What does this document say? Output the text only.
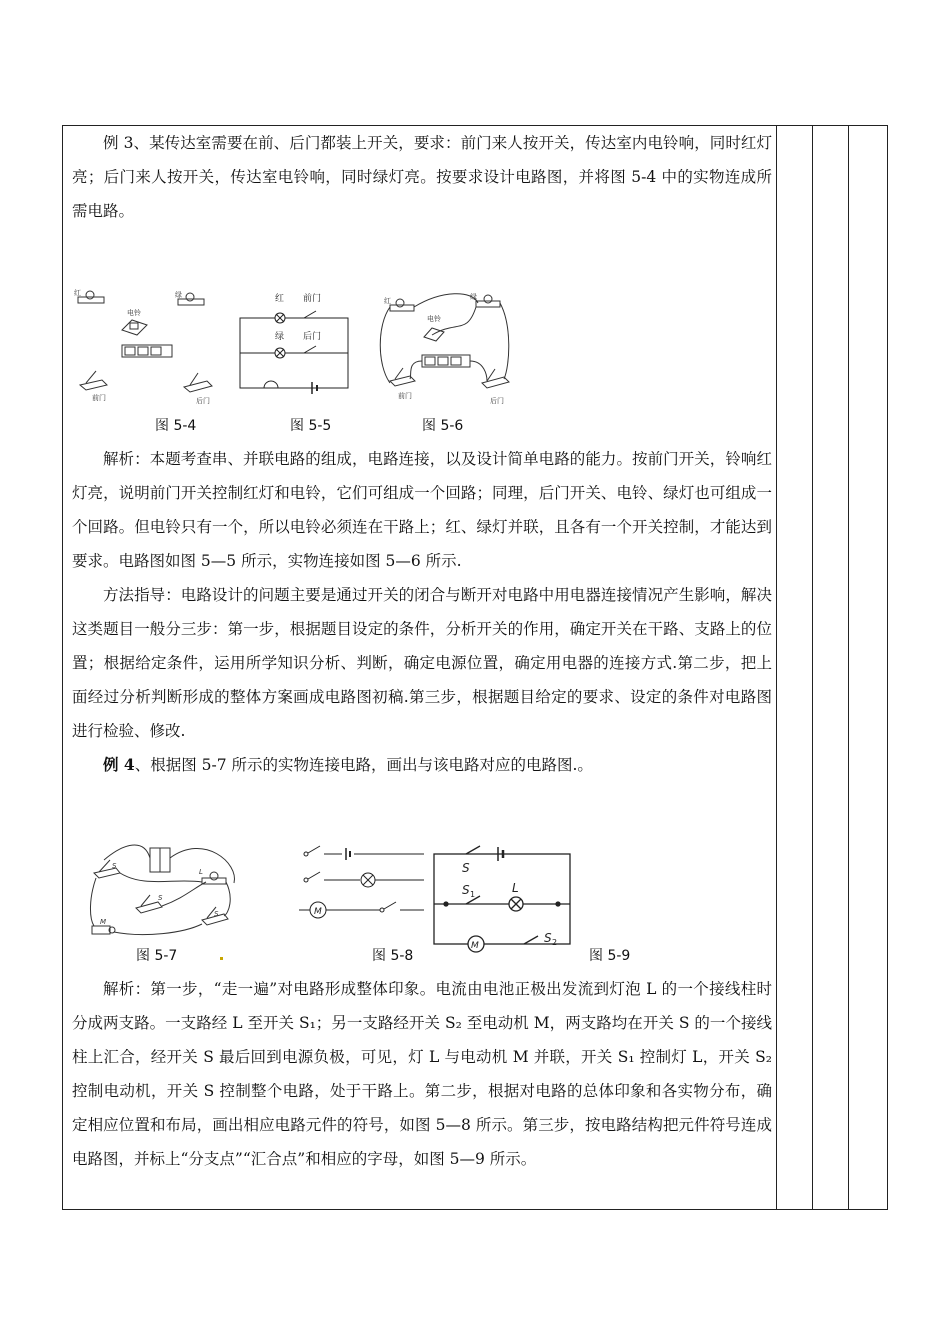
例 3、某传达室需要在前、后门都装上开关，要求：前门来人按开关，传达室内电铃响，同时红灯亮；后门来人按开关，传达室电铃响，同时绿灯亮。按要求设计电路图，并将图 5-4 中的实物连成所需电路。

红	绿
电铃
前门	后门
红 前门
绿 后门
红	绿
电铃
前门
后门
图 5-4	图 5-5	图 5-6

解析：本题考查串、并联电路的组成，电路连接，以及设计简单电路的能力。按前门开关，铃响红灯亮，说明前门开关控制红灯和电铃，它们可组成一个回路；同理，后门开关、电铃、绿灯也可组成一个回路。但电铃只有一个，所以电铃必须连在干路上；红、绿灯并联，且各有一个开关控制，才能达到要求。电路图如图 5—5 所示，实物连接如图 5—6 所示.

方法指导：电路设计的问题主要是通过开关的闭合与断开对电路中用电器连接情况产生影响，解决这类题目一般分三步：第一步，根据题目设定的条件，分析开关的作用，确定开关在干路、支路上的位置；根据给定条件，运用所学知识分析、判断，确定电源位置，确定用电器的连接方式.第二步，把上面经过分析判断形成的整体方案画成电路图初稿.第三步，根据题目给定的要求、设定的条件对电路图进行检验、修改.

例 4、根据图 5-7 所示的实物连接电路，画出与该电路对应的电路图.。

S
L
S
S
M
M
S
S 1	L
M
S 2
图 5-7	图 5-8	图 5-9

解析：第一步，“走一遍”对电路形成整体印象。电流由电池正极出发流到灯泡 L 的一个接线柱时分成两支路。一支路经 L 至开关 S₁；另一支路经开关 S₂ 至电动机 M，两支路均在开关 S 的一个接线柱上汇合，经开关 S 最后回到电源负极，可见，灯 L 与电动机 M 并联，开关 S₁ 控制灯 L，开关 S₂ 控制电动机，开关 S 控制整个电路，处于干路上。第二步，根据对电路的总体印象和各实物分布，确定相应位置和布局，画出相应电路元件的符号，如图 5—8 所示。第三步，按电路结构把元件符号连成电路图，并标上“分支点”“汇合点”和相应的字母，如图 5—9 所示。
